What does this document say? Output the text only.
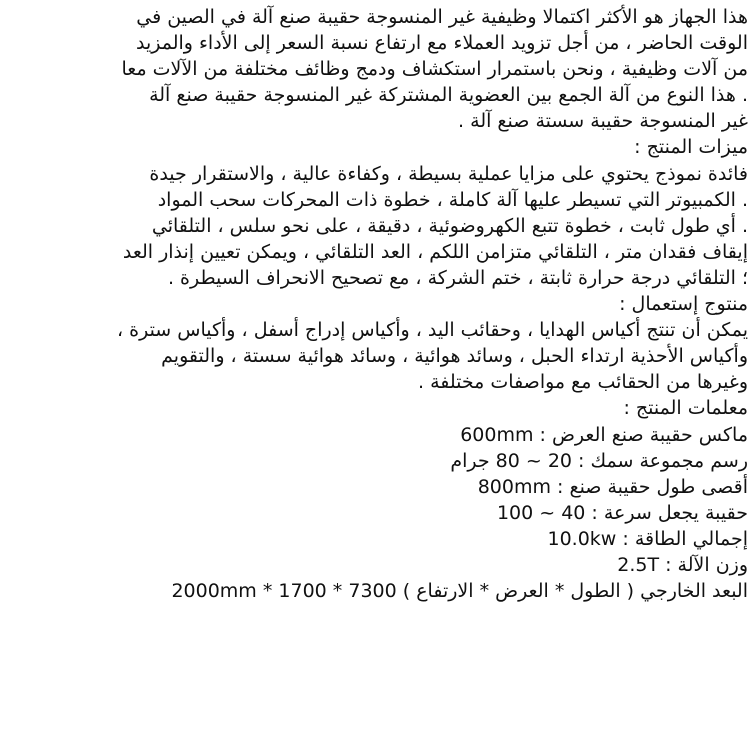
هذا الجهاز هو الأكثر اكتمالا وظيفية غير المنسوجة حقيبة صنع آلة في الصين في
الوقت الحاضر ، من أجل تزويد العملاء مع ارتفاع نسبة السعر إلى الأداء والمزيد
من آلات وظيفية ، ونحن باستمرار استكشاف ودمج وظائف مختلفة من الآلات معا
. هذا النوع من آلة الجمع بين العضوية المشتركة غير المنسوجة حقيبة صنع آلة
غير المنسوجة حقيبة سستة صنع آلة .
ميزات المنتج :
فائدة نموذج يحتوي على مزايا عملية بسيطة ، وكفاءة عالية ، والاستقرار جيدة
. الكمبيوتر التي تسيطر عليها آلة كاملة ، خطوة ذات المحركات سحب المواد
. أي طول ثابت ، خطوة تتبع الكهروضوئية ، دقيقة ، على نحو سلس ، التلقائي
إيقاف فقدان متر ، التلقائي متزامن اللكم ، العد التلقائي ، ويمكن تعيين إنذار العد
؛ التلقائي درجة حرارة ثابتة ، ختم الشركة ، مع تصحيح الانحراف السيطرة .
منتوج إستعمال :
يمكن أن تنتج أكياس الهدايا ، وحقائب اليد ، وأكياس إدراج أسفل ، وأكياس سترة ،
وأكياس الأحذية ارتداء الحبل ، وسائد هوائية ، وسائد هوائية سستة ، والتقويم
وغيرها من الحقائب مع مواصفات مختلفة .
معلمات المنتج :
ماكس حقيبة صنع العرض : 600mm
رسم مجموعة سمك : 20 ~ 80 جرام
أقصى طول حقيبة صنع : 800mm
حقيبة يجعل سرعة : 40 ~ 100
إجمالي الطاقة : 10.0kw
وزن الآلة : 2.5T
البعد الخارجي ( الطول * العرض * الارتفاع ) 7300 * 1700 * 2000mm
